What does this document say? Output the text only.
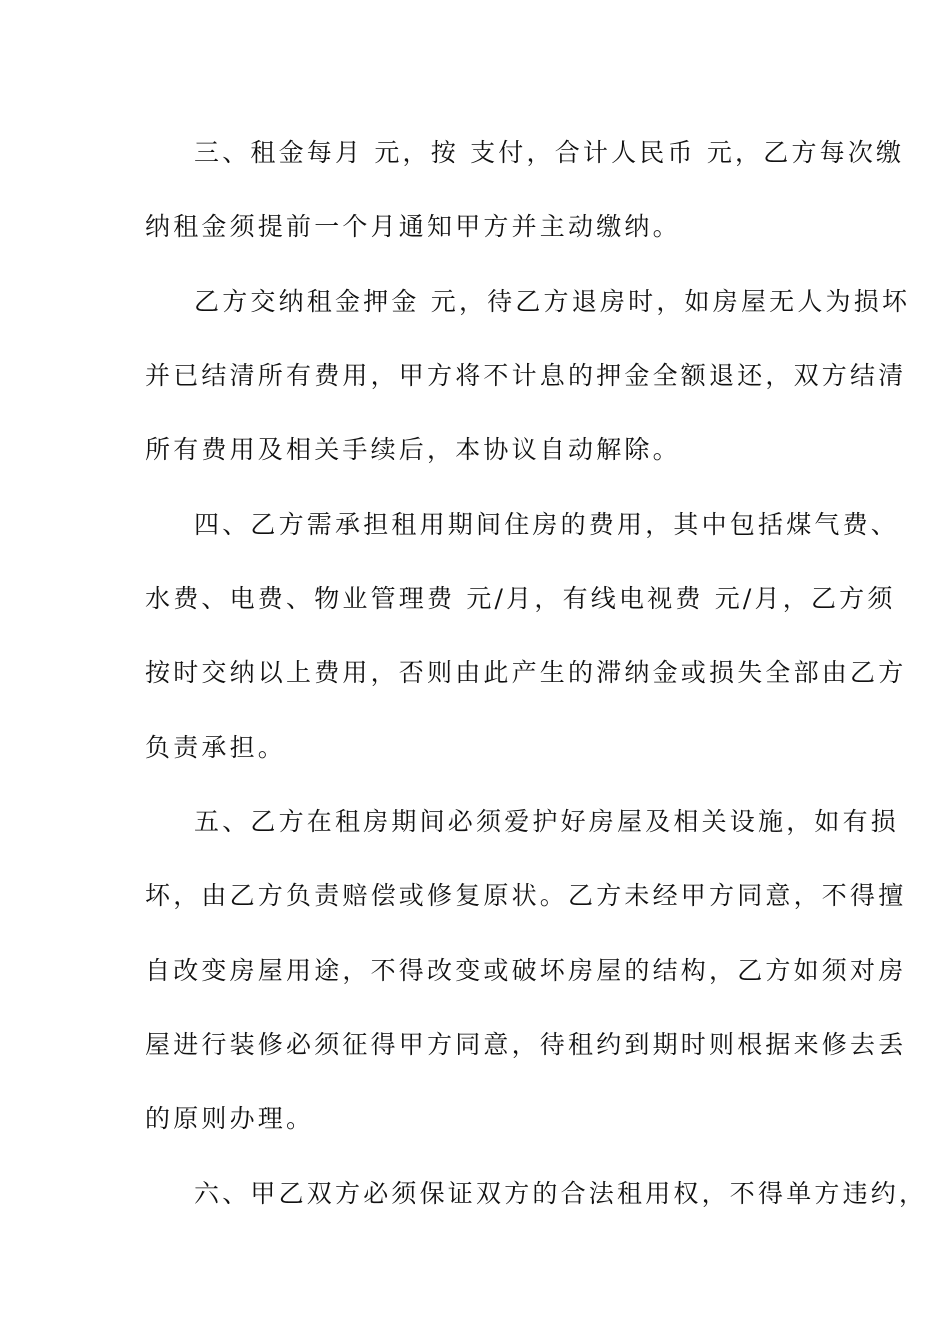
三、租金每月 元，按 支付，合计人民币 元，乙方每次缴
纳租金须提前一个月通知甲方并主动缴纳。
乙方交纳租金押金 元，待乙方退房时，如房屋无人为损坏
并已结清所有费用，甲方将不计息的押金全额退还，双方结清
所有费用及相关手续后，本协议自动解除。
四、乙方需承担租用期间住房的费用，其中包括煤气费、
水费、电费、物业管理费 元/月，有线电视费 元/月，乙方须
按时交纳以上费用，否则由此产生的滞纳金或损失全部由乙方
负责承担。
五、乙方在租房期间必须爱护好房屋及相关设施，如有损
坏，由乙方负责赔偿或修复原状。乙方未经甲方同意，不得擅
自改变房屋用途，不得改变或破坏房屋的结构，乙方如须对房
屋进行装修必须征得甲方同意，待租约到期时则根据来修去丢
的原则办理。
六、甲乙双方必须保证双方的合法租用权，不得单方违约，
